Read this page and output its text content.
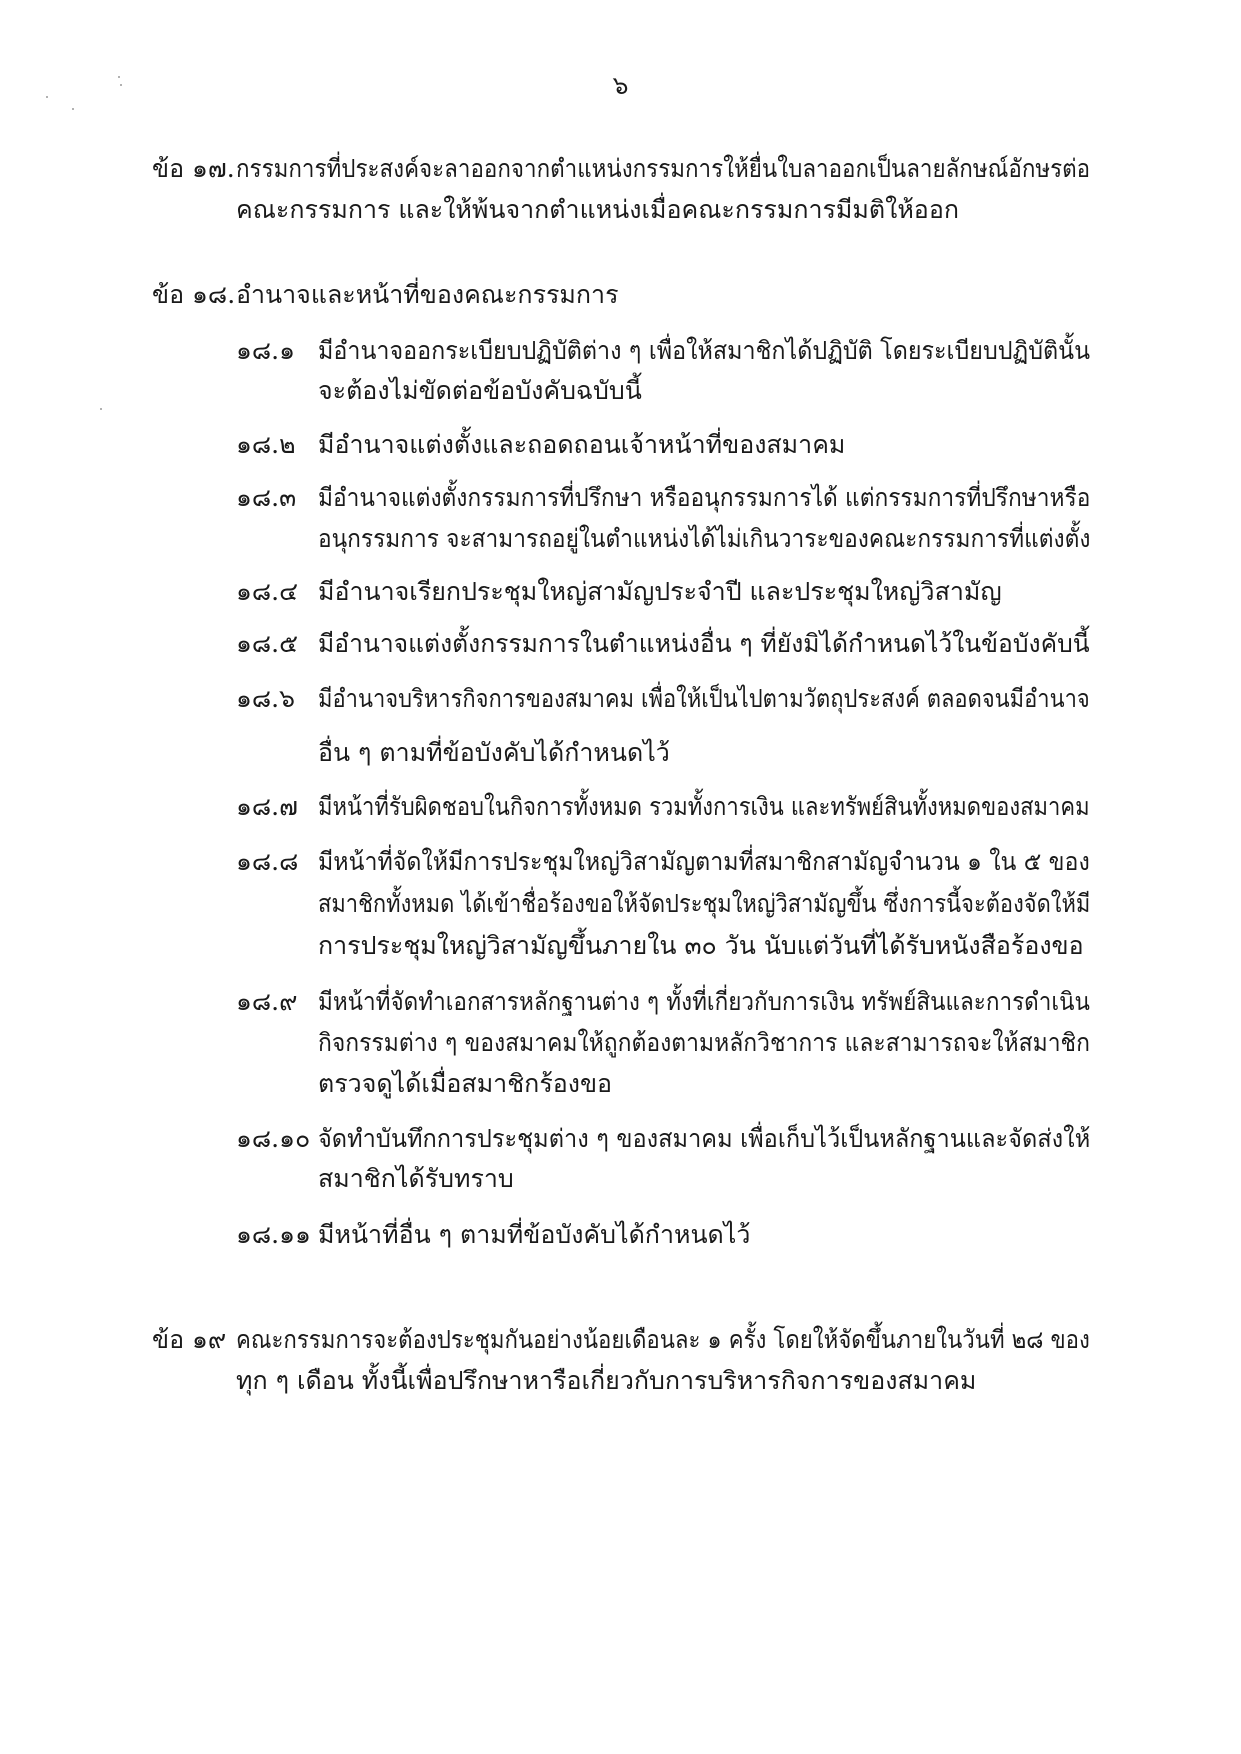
๖
ข้อ ๑๗. กรรมการที่ประสงค์จะลาออกจากตำแหน่งกรรมการให้ยื่นใบลาออกเป็นลายลักษณ์อักษรต่อ
คณะกรรมการ และให้พ้นจากตำแหน่งเมื่อคณะกรรมการมีมติให้ออก
ข้อ ๑๘. อำนาจและหน้าที่ของคณะกรรมการ
๑๘.๑ มีอำนาจออกระเบียบปฏิบัติต่าง ๆ เพื่อให้สมาชิกได้ปฏิบัติ โดยระเบียบปฏิบัตินั้น
จะต้องไม่ขัดต่อข้อบังคับฉบับนี้
๑๘.๒ มีอำนาจแต่งตั้งและถอดถอนเจ้าหน้าที่ของสมาคม
๑๘.๓ มีอำนาจแต่งตั้งกรรมการที่ปรึกษา หรืออนุกรรมการได้ แต่กรรมการที่ปรึกษาหรือ
อนุกรรมการ จะสามารถอยู่ในตำแหน่งได้ไม่เกินวาระของคณะกรรมการที่แต่งตั้ง
๑๘.๔ มีอำนาจเรียกประชุมใหญ่สามัญประจำปี และประชุมใหญ่วิสามัญ
๑๘.๕ มีอำนาจแต่งตั้งกรรมการในตำแหน่งอื่น ๆ ที่ยังมิได้กำหนดไว้ในข้อบังคับนี้
๑๘.๖ มีอำนาจบริหารกิจการของสมาคม เพื่อให้เป็นไปตามวัตถุประสงค์ ตลอดจนมีอำนาจ
อื่น ๆ ตามที่ข้อบังคับได้กำหนดไว้
๑๘.๗ มีหน้าที่รับผิดชอบในกิจการทั้งหมด รวมทั้งการเงิน และทรัพย์สินทั้งหมดของสมาคม
๑๘.๘ มีหน้าที่จัดให้มีการประชุมใหญ่วิสามัญตามที่สมาชิกสามัญจำนวน ๑ ใน ๕ ของ
สมาชิกทั้งหมด ได้เข้าชื่อร้องขอให้จัดประชุมใหญ่วิสามัญขึ้น ซึ่งการนี้จะต้องจัดให้มี
การประชุมใหญ่วิสามัญขึ้นภายใน ๓๐ วัน นับแต่วันที่ได้รับหนังสือร้องขอ
๑๘.๙ มีหน้าที่จัดทำเอกสารหลักฐานต่าง ๆ ทั้งที่เกี่ยวกับการเงิน ทรัพย์สินและการดำเนิน
กิจกรรมต่าง ๆ ของสมาคมให้ถูกต้องตามหลักวิชาการ และสามารถจะให้สมาชิก
ตรวจดูได้เมื่อสมาชิกร้องขอ
๑๘.๑๐ จัดทำบันทึกการประชุมต่าง ๆ ของสมาคม เพื่อเก็บไว้เป็นหลักฐานและจัดส่งให้
สมาชิกได้รับทราบ
๑๘.๑๑ มีหน้าที่อื่น ๆ ตามที่ข้อบังคับได้กำหนดไว้
ข้อ ๑๙ คณะกรรมการจะต้องประชุมกันอย่างน้อยเดือนละ ๑ ครั้ง โดยให้จัดขึ้นภายในวันที่ ๒๘ ของ
ทุก ๆ เดือน ทั้งนี้เพื่อปรึกษาหารือเกี่ยวกับการบริหารกิจการของสมาคม
